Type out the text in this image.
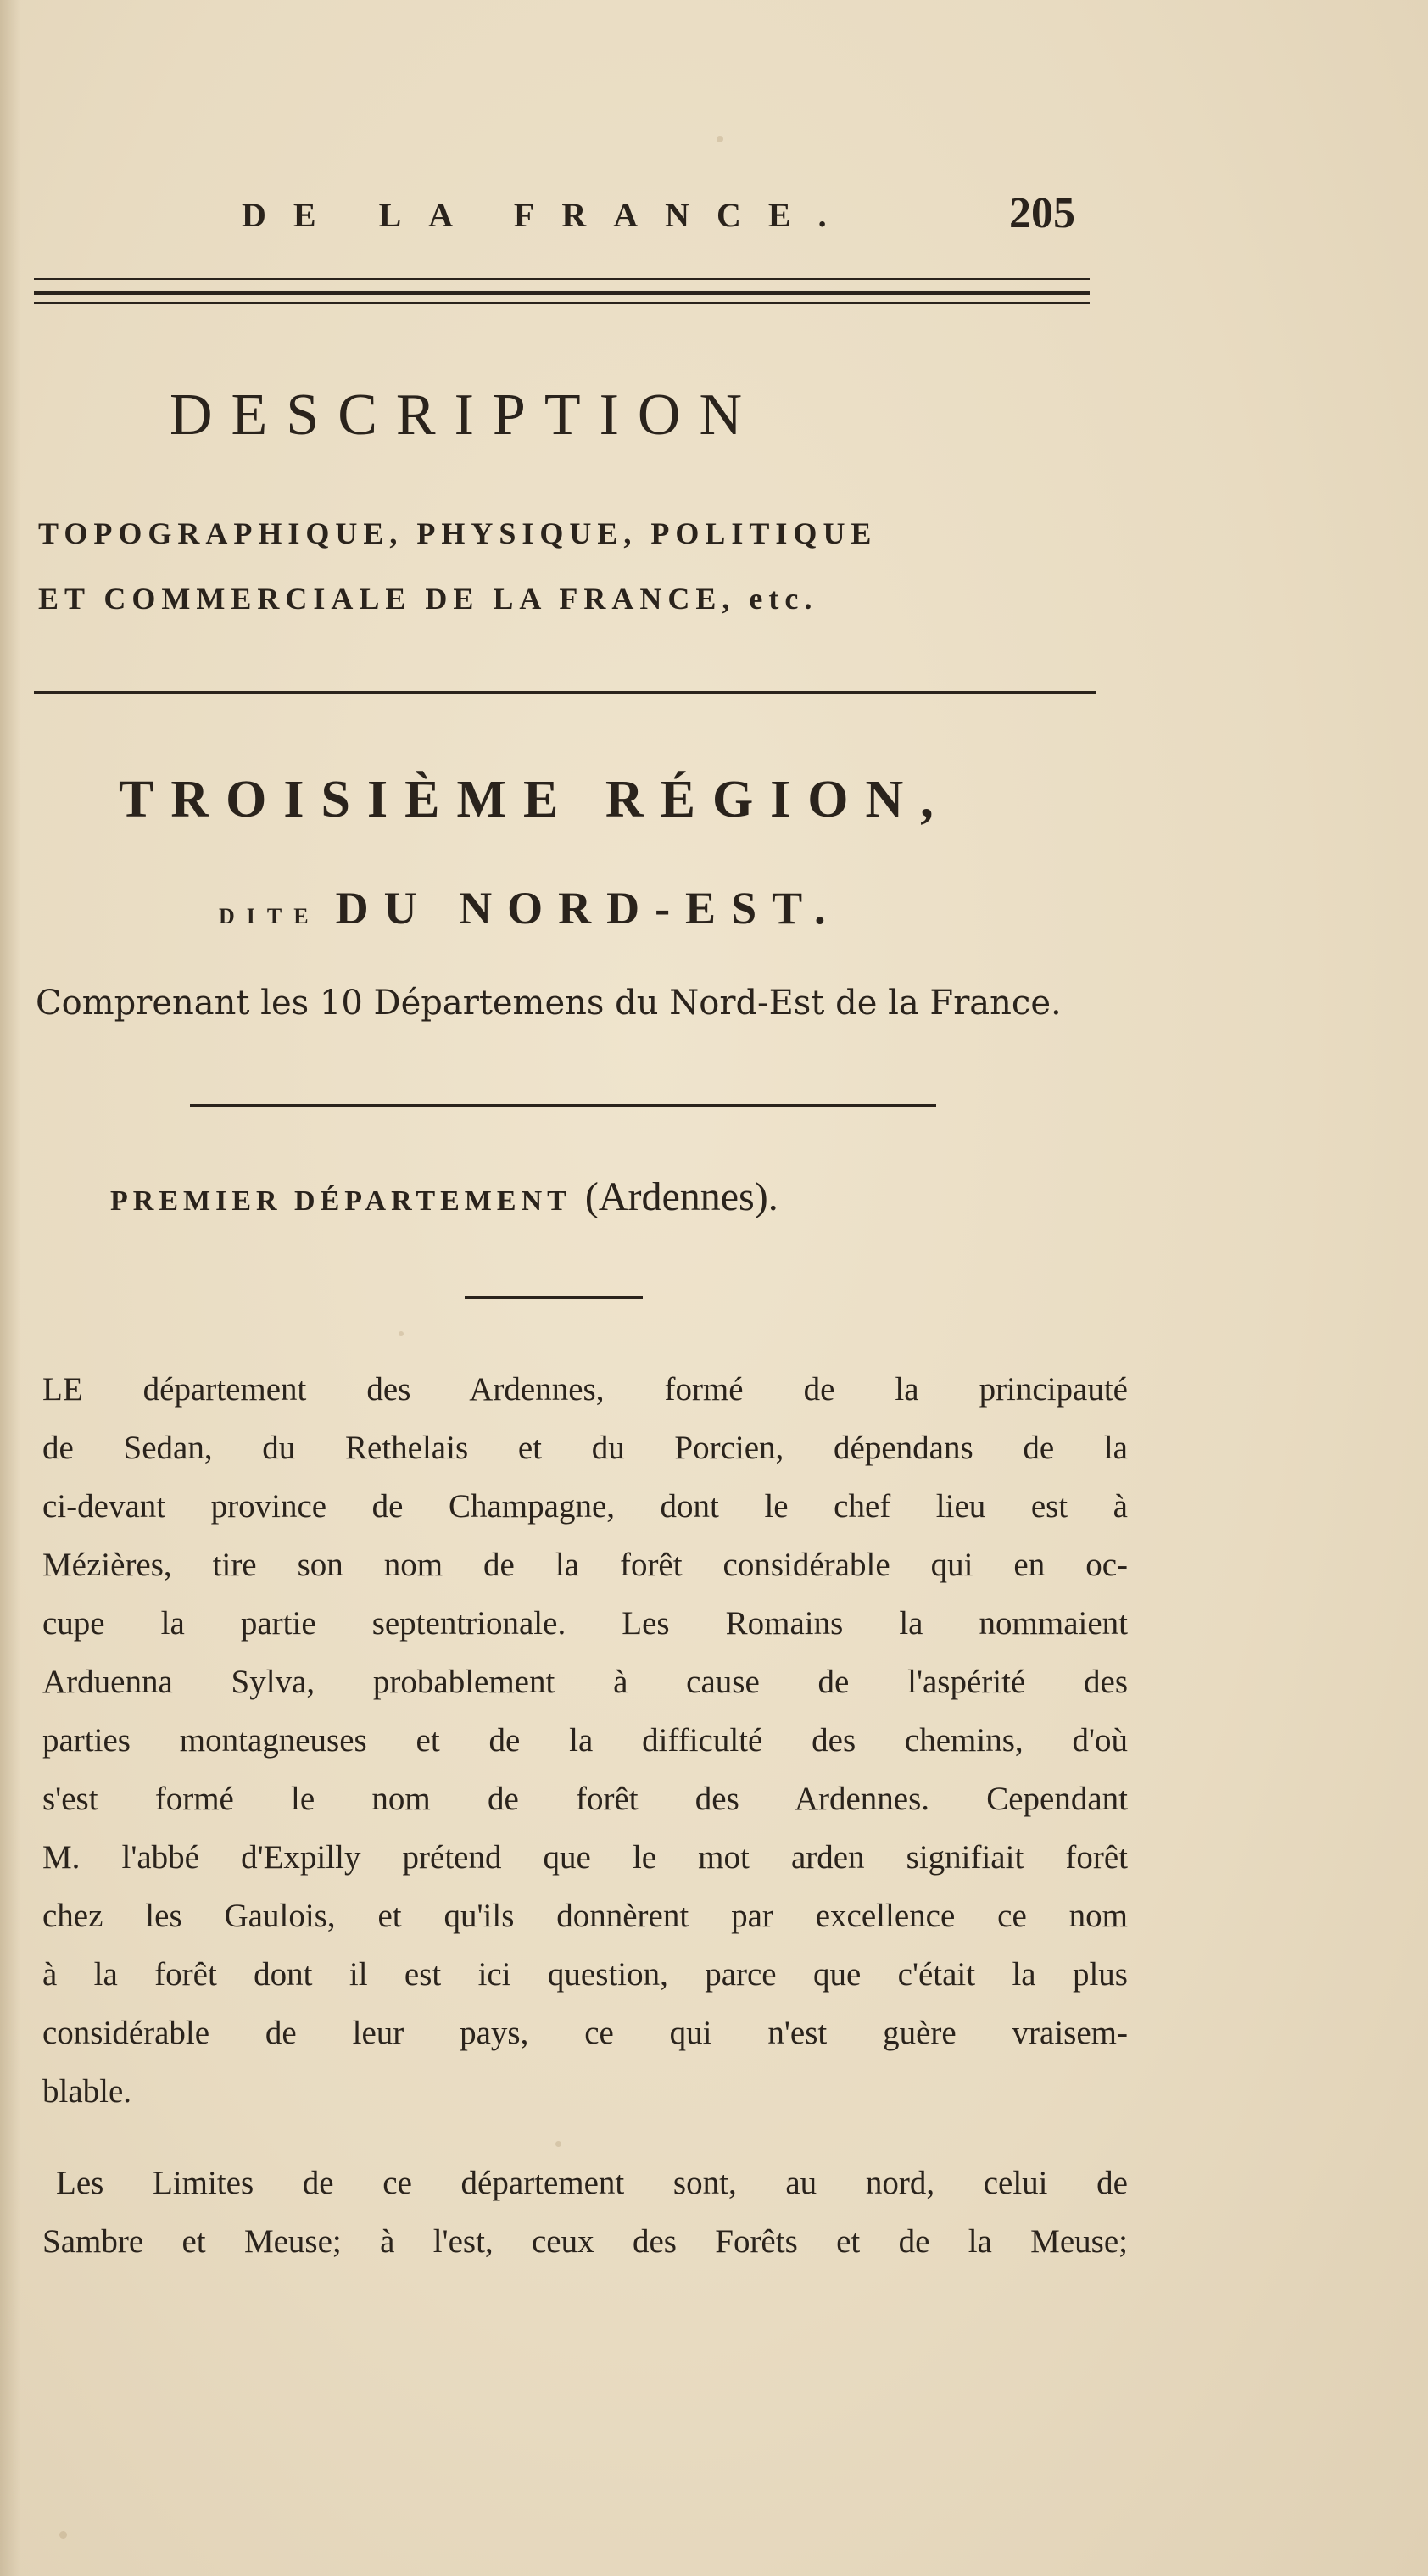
DE LA FRANCE.	205
DESCRIPTION
TOPOGRAPHIQUE, PHYSIQUE, POLITIQUE
ET COMMERCIALE DE LA FRANCE, etc.
TROISIÈME RÉGION,
DITE DU NORD-EST.
Comprenant les 10 Départemens du Nord-Est de la France.
PREMIER DÉPARTEMENT (Ardennes).
LE département des Ardennes, formé de la principauté
de Sedan, du Rethelais et du Porcien, dépendans de la
ci-devant province de Champagne, dont le chef lieu est à
Mézières, tire son nom de la forêt considérable qui en oc-
cupe la partie septentrionale. Les Romains la nommaient
Arduenna Sylva, probablement à cause de l'aspérité des
parties montagneuses et de la difficulté des chemins, d'où
s'est formé le nom de forêt des Ardennes. Cependant
M. l'abbé d'Expilly prétend que le mot arden signifiait forêt
chez les Gaulois, et qu'ils donnèrent par excellence ce nom
à la forêt dont il est ici question, parce que c'était la plus
considérable de leur pays, ce qui n'est guère vraisem-
blable.
Les Limites de ce département sont, au nord, celui de
Sambre et Meuse; à l'est, ceux des Forêts et de la Meuse;
